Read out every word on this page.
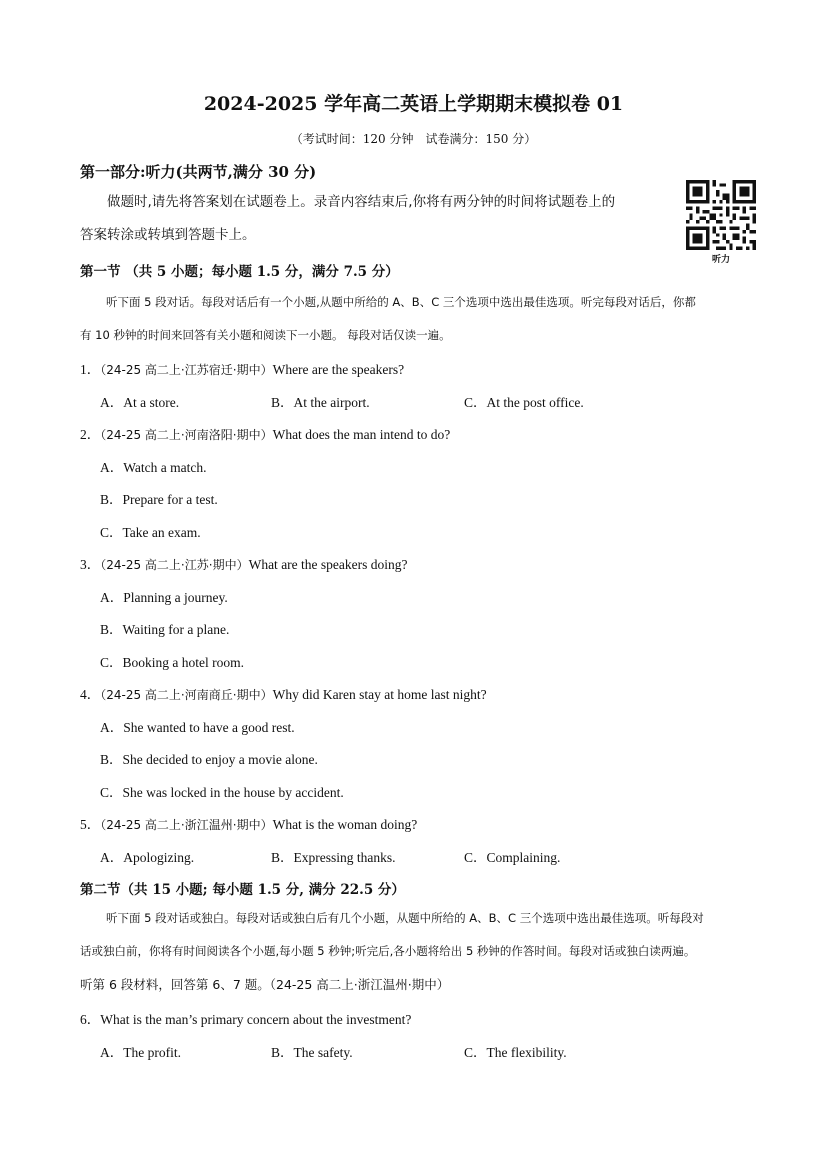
2024-2025 学年高二英语上学期期末模拟卷 01
（考试时间：120 分钟　试卷满分：150 分）
第一部分:听力(共两节,满分 30 分)
做题时,请先将答案划在试题卷上。录音内容结束后,你将有两分钟的时间将试题卷上的
答案转涂或转填到答题卡上。
听力
第一节 （共 5 小题；每小题 1.5 分，满分 7.5 分）
听下面 5 段对话。每段对话后有一个小题,从题中所给的 A、B、C 三个选项中选出最佳选项。听完每段对话后，你都
有 10 秒钟的时间来回答有关小题和阅读下一小题。 每段对话仅读一遍。
1．（24-25 高二上·江苏宿迁·期中）Where are the speakers?
A．At a store.	B．At the airport.	C．At the post office.
2．（24-25 高二上·河南洛阳·期中）What does the man intend to do?
A．Watch a match.
B．Prepare for a test.
C．Take an exam.
3．（24-25 高二上·江苏·期中）What are the speakers doing?
A．Planning a journey.
B．Waiting for a plane.
C．Booking a hotel room.
4．（24-25 高二上·河南商丘·期中）Why did Karen stay at home last night?
A．She wanted to have a good rest.
B．She decided to enjoy a movie alone.
C．She was locked in the house by accident.
5．（24-25 高二上·浙江温州·期中）What is the woman doing?
A．Apologizing.	B．Expressing thanks.	C．Complaining.
第二节（共 15 小题; 每小题 1.5 分, 满分 22.5 分）
听下面 5 段对话或独白。每段对话或独白后有几个小题，从题中所给的 A、B、C 三个选项中选出最佳选项。听每段对
话或独白前，你将有时间阅读各个小题,每小题 5 秒钟;听完后,各小题将给出 5 秒钟的作答时间。每段对话或独白读两遍。
听第 6 段材料，回答第 6、7 题。（24-25 高二上·浙江温州·期中）
6．What is the man’s primary concern about the investment?
A．The profit.	B．The safety.	C．The flexibility.
